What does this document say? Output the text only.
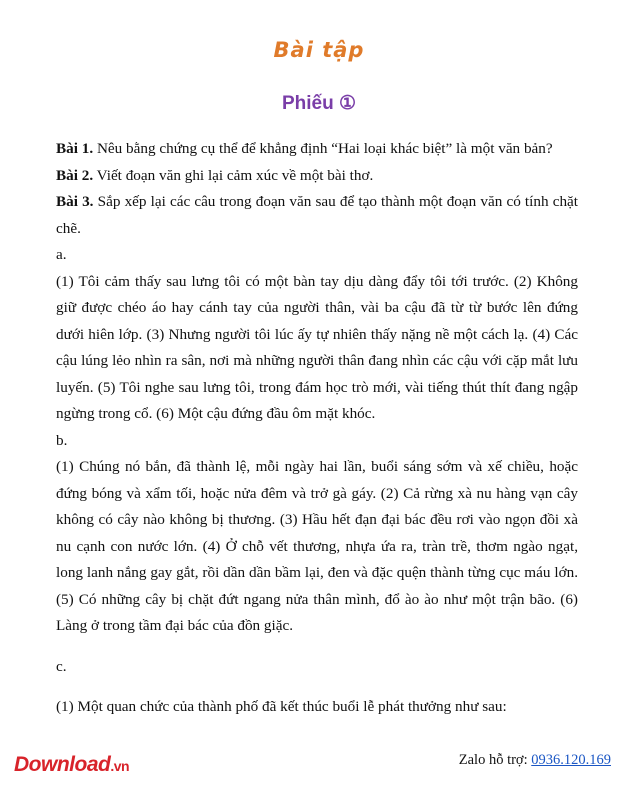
Bài tập
Phiếu ①

Bài 1. Nêu bằng chứng cụ thể để khẳng định “Hai loại khác biệt” là một văn bản?

Bài 2. Viết đoạn văn ghi lại cảm xúc về một bài thơ.

Bài 3. Sắp xếp lại các câu trong đoạn văn sau để tạo thành một đoạn văn có tính chặt chẽ.

a.

(1) Tôi cảm thấy sau lưng tôi có một bàn tay dịu dàng đẩy tôi tới trước. (2) Không giữ được chéo áo hay cánh tay của người thân, vài ba cậu đã từ từ bước lên đứng dưới hiên lớp. (3) Nhưng người tôi lúc ấy tự nhiên thấy nặng nề một cách lạ. (4) Các cậu lúng lẻo nhìn ra sân, nơi mà những người thân đang nhìn các cậu với cặp mắt lưu luyến. (5) Tôi nghe sau lưng tôi, trong đám học trò mới, vài tiếng thút thít đang ngập ngừng trong cổ. (6) Một cậu đứng đầu ôm mặt khóc.

b.

(1) Chúng nó bắn, đã thành lệ, mỗi ngày hai lần, buổi sáng sớm và xế chiều, hoặc đứng bóng và xẩm tối, hoặc nửa đêm và trở gà gáy. (2) Cả rừng xà nu hàng vạn cây không có cây nào không bị thương. (3) Hầu hết đạn đại bác đều rơi vào ngọn đồi xà nu cạnh con nước lớn. (4) Ở chỗ vết thương, nhựa ứa ra, tràn trề, thơm ngào ngạt, long lanh nắng gay gắt, rồi dần dần bầm lại, đen và đặc quện thành từng cục máu lớn. (5) Có những cây bị chặt đứt ngang nửa thân mình, đổ ào ào như một trận bão. (6) Làng ở trong tầm đại bác của đồn giặc.

c.

(1) Một quan chức của thành phố đã kết thúc buổi lễ phát thưởng như sau:

Download.vn	Zalo hỗ trợ: 0936.120.169
